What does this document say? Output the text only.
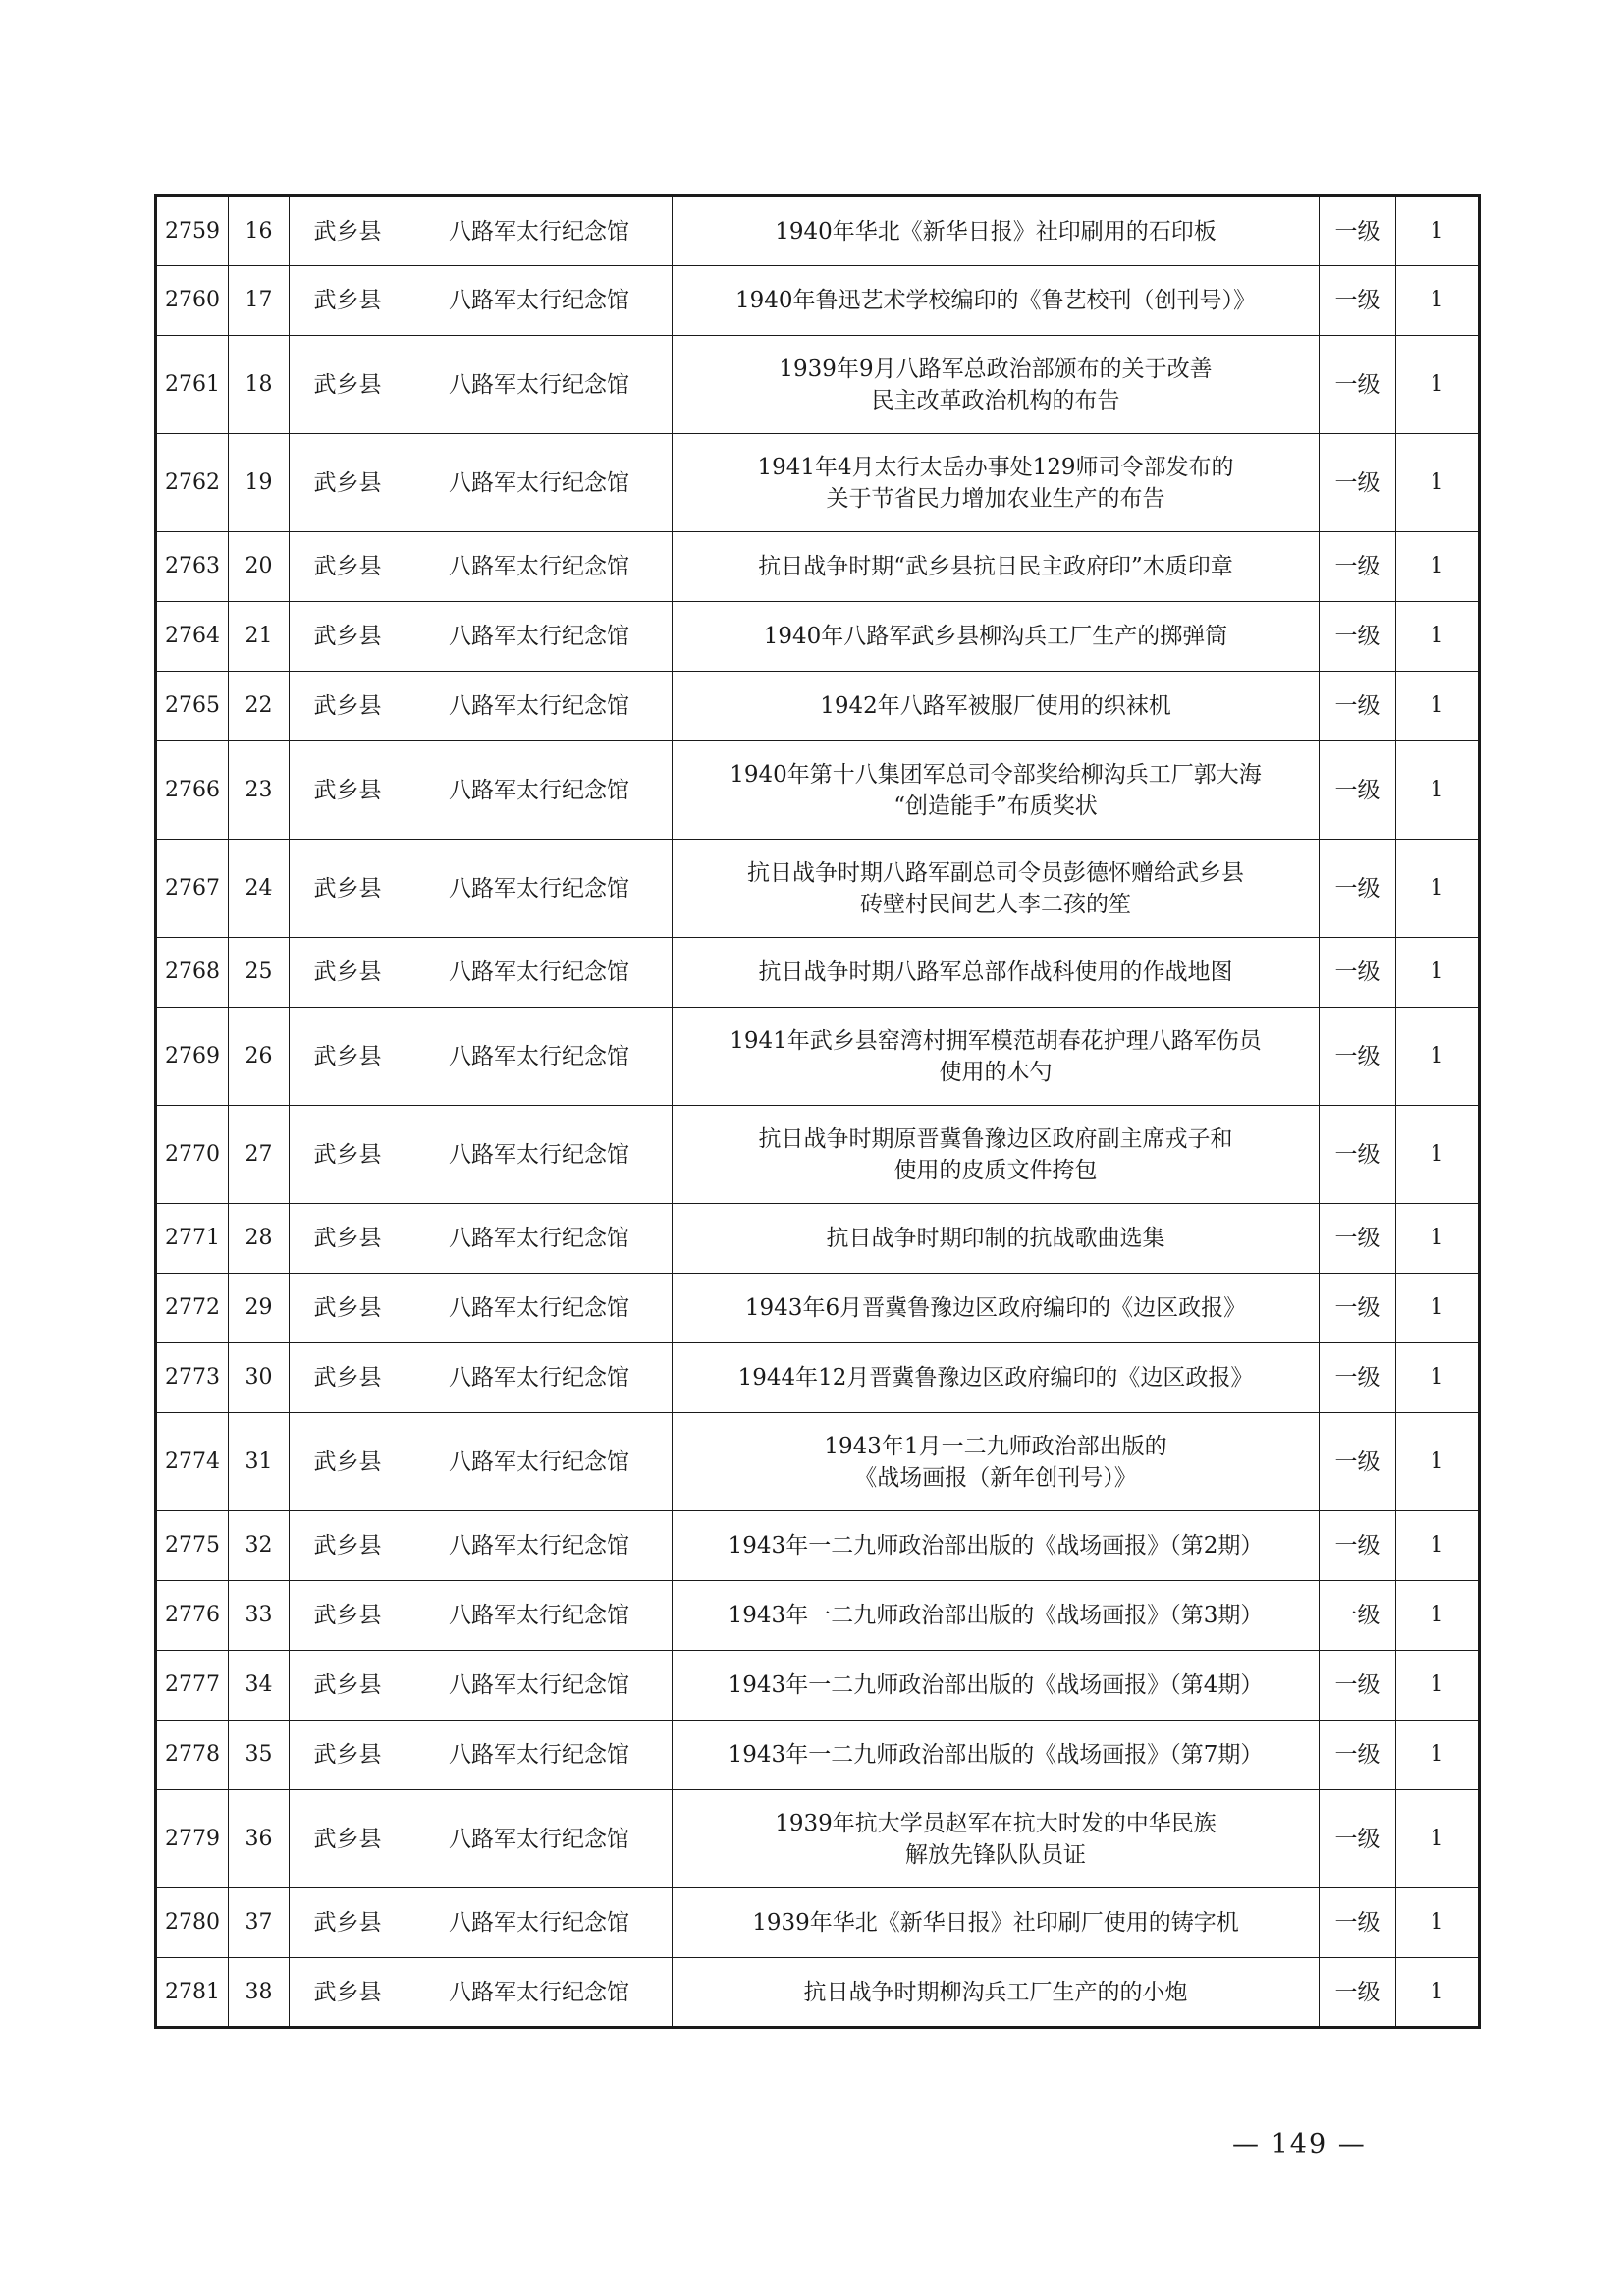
2759	16	武乡县	八路军太行纪念馆	1940年华北《新华日报》社印刷用的石印板	一级	1
2760	17	武乡县	八路军太行纪念馆	1940年鲁迅艺术学校编印的《鲁艺校刊（创刊号）》	一级	1
2761	18	武乡县	八路军太行纪念馆	1939年9月八路军总政治部颁布的关于改善
民主改革政治机构的布告	一级	1
2762	19	武乡县	八路军太行纪念馆	1941年4月太行太岳办事处129师司令部发布的
关于节省民力增加农业生产的布告	一级	1
2763	20	武乡县	八路军太行纪念馆	抗日战争时期“武乡县抗日民主政府印”木质印章	一级	1
2764	21	武乡县	八路军太行纪念馆	1940年八路军武乡县柳沟兵工厂生产的掷弹筒	一级	1
2765	22	武乡县	八路军太行纪念馆	1942年八路军被服厂使用的织袜机	一级	1
2766	23	武乡县	八路军太行纪念馆	1940年第十八集团军总司令部奖给柳沟兵工厂郭大海
“创造能手”布质奖状	一级	1
2767	24	武乡县	八路军太行纪念馆	抗日战争时期八路军副总司令员彭德怀赠给武乡县
砖壁村民间艺人李二孩的笙	一级	1
2768	25	武乡县	八路军太行纪念馆	抗日战争时期八路军总部作战科使用的作战地图	一级	1
2769	26	武乡县	八路军太行纪念馆	1941年武乡县窑湾村拥军模范胡春花护理八路军伤员
使用的木勺	一级	1
2770	27	武乡县	八路军太行纪念馆	抗日战争时期原晋冀鲁豫边区政府副主席戎子和
使用的皮质文件挎包	一级	1
2771	28	武乡县	八路军太行纪念馆	抗日战争时期印制的抗战歌曲选集	一级	1
2772	29	武乡县	八路军太行纪念馆	1943年6月晋冀鲁豫边区政府编印的《边区政报》	一级	1
2773	30	武乡县	八路军太行纪念馆	1944年12月晋冀鲁豫边区政府编印的《边区政报》	一级	1
2774	31	武乡县	八路军太行纪念馆	1943年1月一二九师政治部出版的
《战场画报（新年创刊号）》	一级	1
2775	32	武乡县	八路军太行纪念馆	1943年一二九师政治部出版的《战场画报》（第2期）	一级	1
2776	33	武乡县	八路军太行纪念馆	1943年一二九师政治部出版的《战场画报》（第3期）	一级	1
2777	34	武乡县	八路军太行纪念馆	1943年一二九师政治部出版的《战场画报》（第4期）	一级	1
2778	35	武乡县	八路军太行纪念馆	1943年一二九师政治部出版的《战场画报》（第7期）	一级	1
2779	36	武乡县	八路军太行纪念馆	1939年抗大学员赵军在抗大时发的中华民族
解放先锋队队员证	一级	1
2780	37	武乡县	八路军太行纪念馆	1939年华北《新华日报》社印刷厂使用的铸字机	一级	1
2781	38	武乡县	八路军太行纪念馆	抗日战争时期柳沟兵工厂生产的的小炮	一级	1
— 149 —
